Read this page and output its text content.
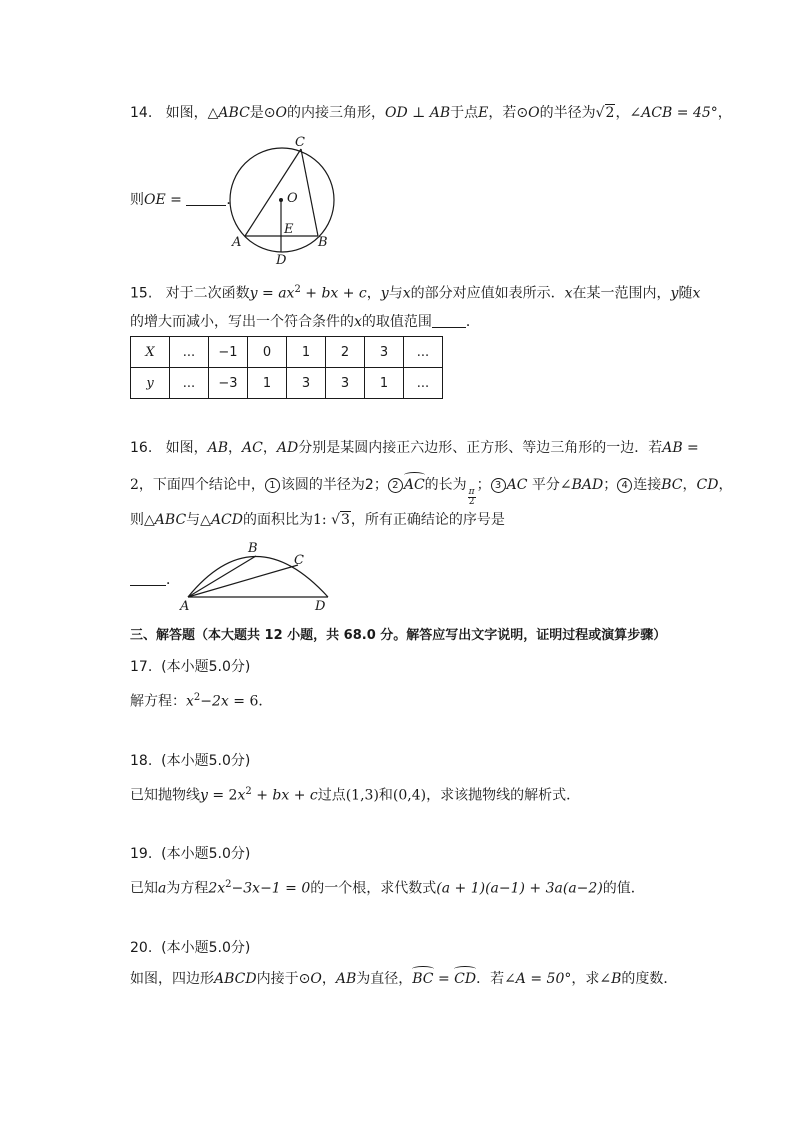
14. 如图，△ABC是⊙O的内接三角形，OD ⊥ AB于点E，若⊙O的半径为√2，∠ACB = 45°，
则OE =	．
C
O
E
A	B
D
15. 对于二次函数$y = ax^2$ + bx + c，y与x的部分对应值如表所示．x在某一范围内，y随x
的增大而减小，写出一个符合条件的x的取值范围 ．
X	...	−1	0	1	2	3	...
y	...	−3	1	3	3	1	...
16. 如图，AB，AC，AD分别是某圆内接正六边形、正方形、等边三角形的一边．若AB =
2，下面四个结论中， 1 该圆的半径为2； 2 AC的长为
$\frac{\pi}{2}$
； 3 AC 平分∠BAD； 4 连接BC，CD，
则△ABC与△ACD的面积比为1: √3，所有正确结论的序号是
．
A
B
C
D
三、解答题（本大题共 12 小题，共 68.0 分。解答应写出文字说明，证明过程或演算步骤）
17. (本小题5.0分)
解方程：$x^2-2x = 6$．
18. (本小题5.0分)
已知抛物线$y = 2x^2$ + bx + c过点(1,3)和(0,4)，求该抛物线的解析式．
19. (本小题5.0分)
已知a为方程$2x^2-3x-1 = 0$的一个根，求代数式(a + 1)(a−1) + 3a(a−2)的值．
20. (本小题5.0分)
如图，四边形ABCD内接于⊙O，AB为直径，BC = CD．若∠A = 50°，求∠B的度数．
